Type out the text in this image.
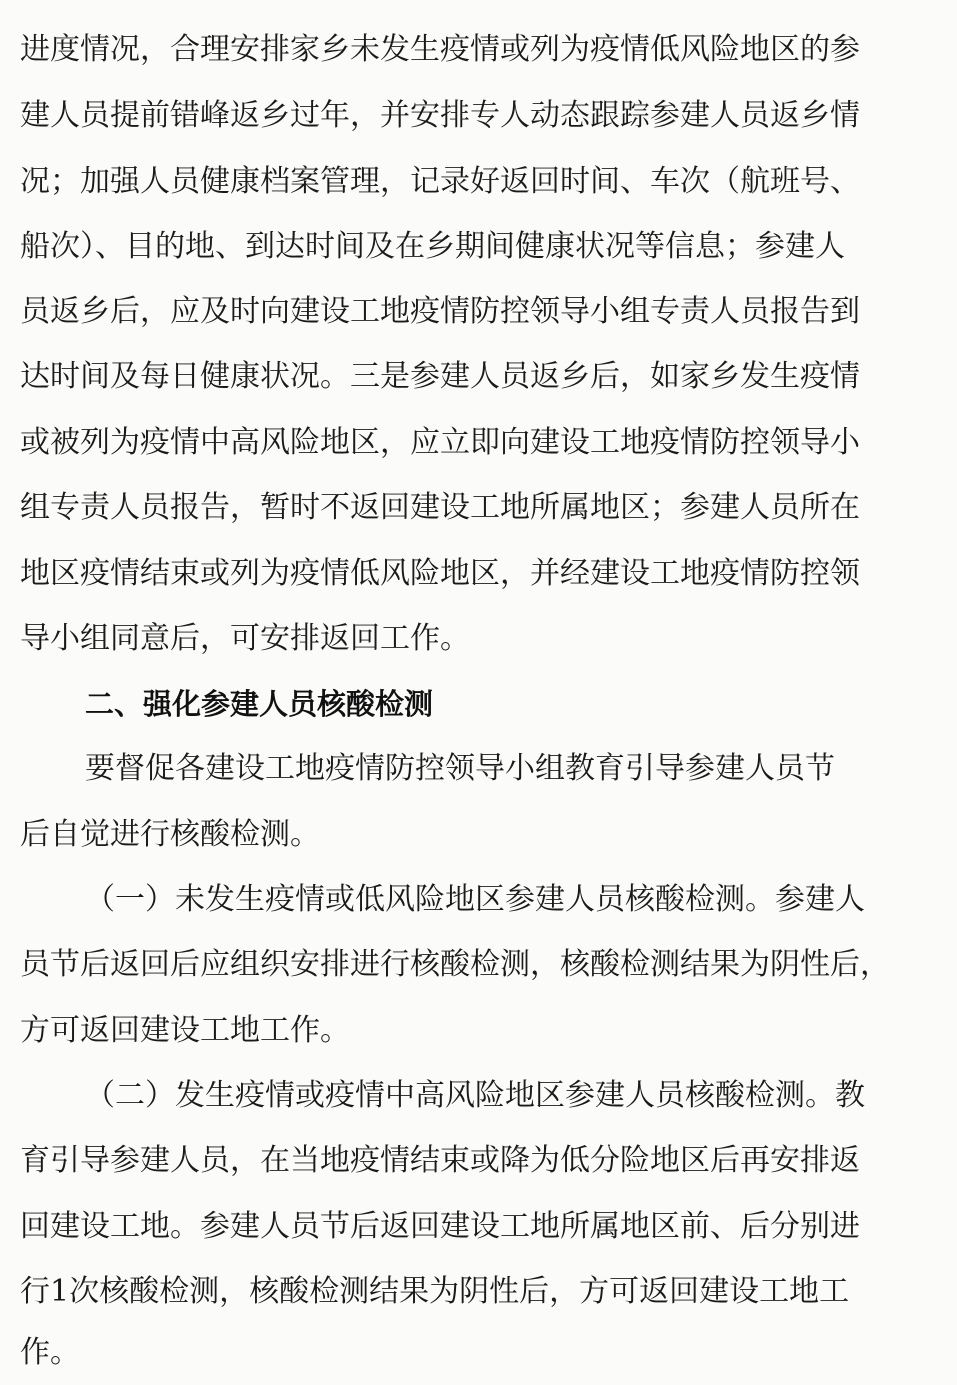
进度情况，合理安排家乡未发生疫情或列为疫情低风险地区的参
建人员提前错峰返乡过年，并安排专人动态跟踪参建人员返乡情
况；加强人员健康档案管理，记录好返回时间、车次（航班号、
船次）、目的地、到达时间及在乡期间健康状况等信息；参建人
员返乡后，应及时向建设工地疫情防控领导小组专责人员报告到
达时间及每日健康状况。三是参建人员返乡后，如家乡发生疫情
或被列为疫情中高风险地区，应立即向建设工地疫情防控领导小
组专责人员报告，暂时不返回建设工地所属地区；参建人员所在
地区疫情结束或列为疫情低风险地区，并经建设工地疫情防控领
导小组同意后，可安排返回工作。
二、强化参建人员核酸检测
要督促各建设工地疫情防控领导小组教育引导参建人员节
后自觉进行核酸检测。
（一）未发生疫情或低风险地区参建人员核酸检测。参建人
员节后返回后应组织安排进行核酸检测，核酸检测结果为阴性后，
方可返回建设工地工作。
（二）发生疫情或疫情中高风险地区参建人员核酸检测。教
育引导参建人员，在当地疫情结束或降为低分险地区后再安排返
回建设工地。参建人员节后返回建设工地所属地区前、后分别进
行1次核酸检测，核酸检测结果为阴性后，方可返回建设工地工
作。
